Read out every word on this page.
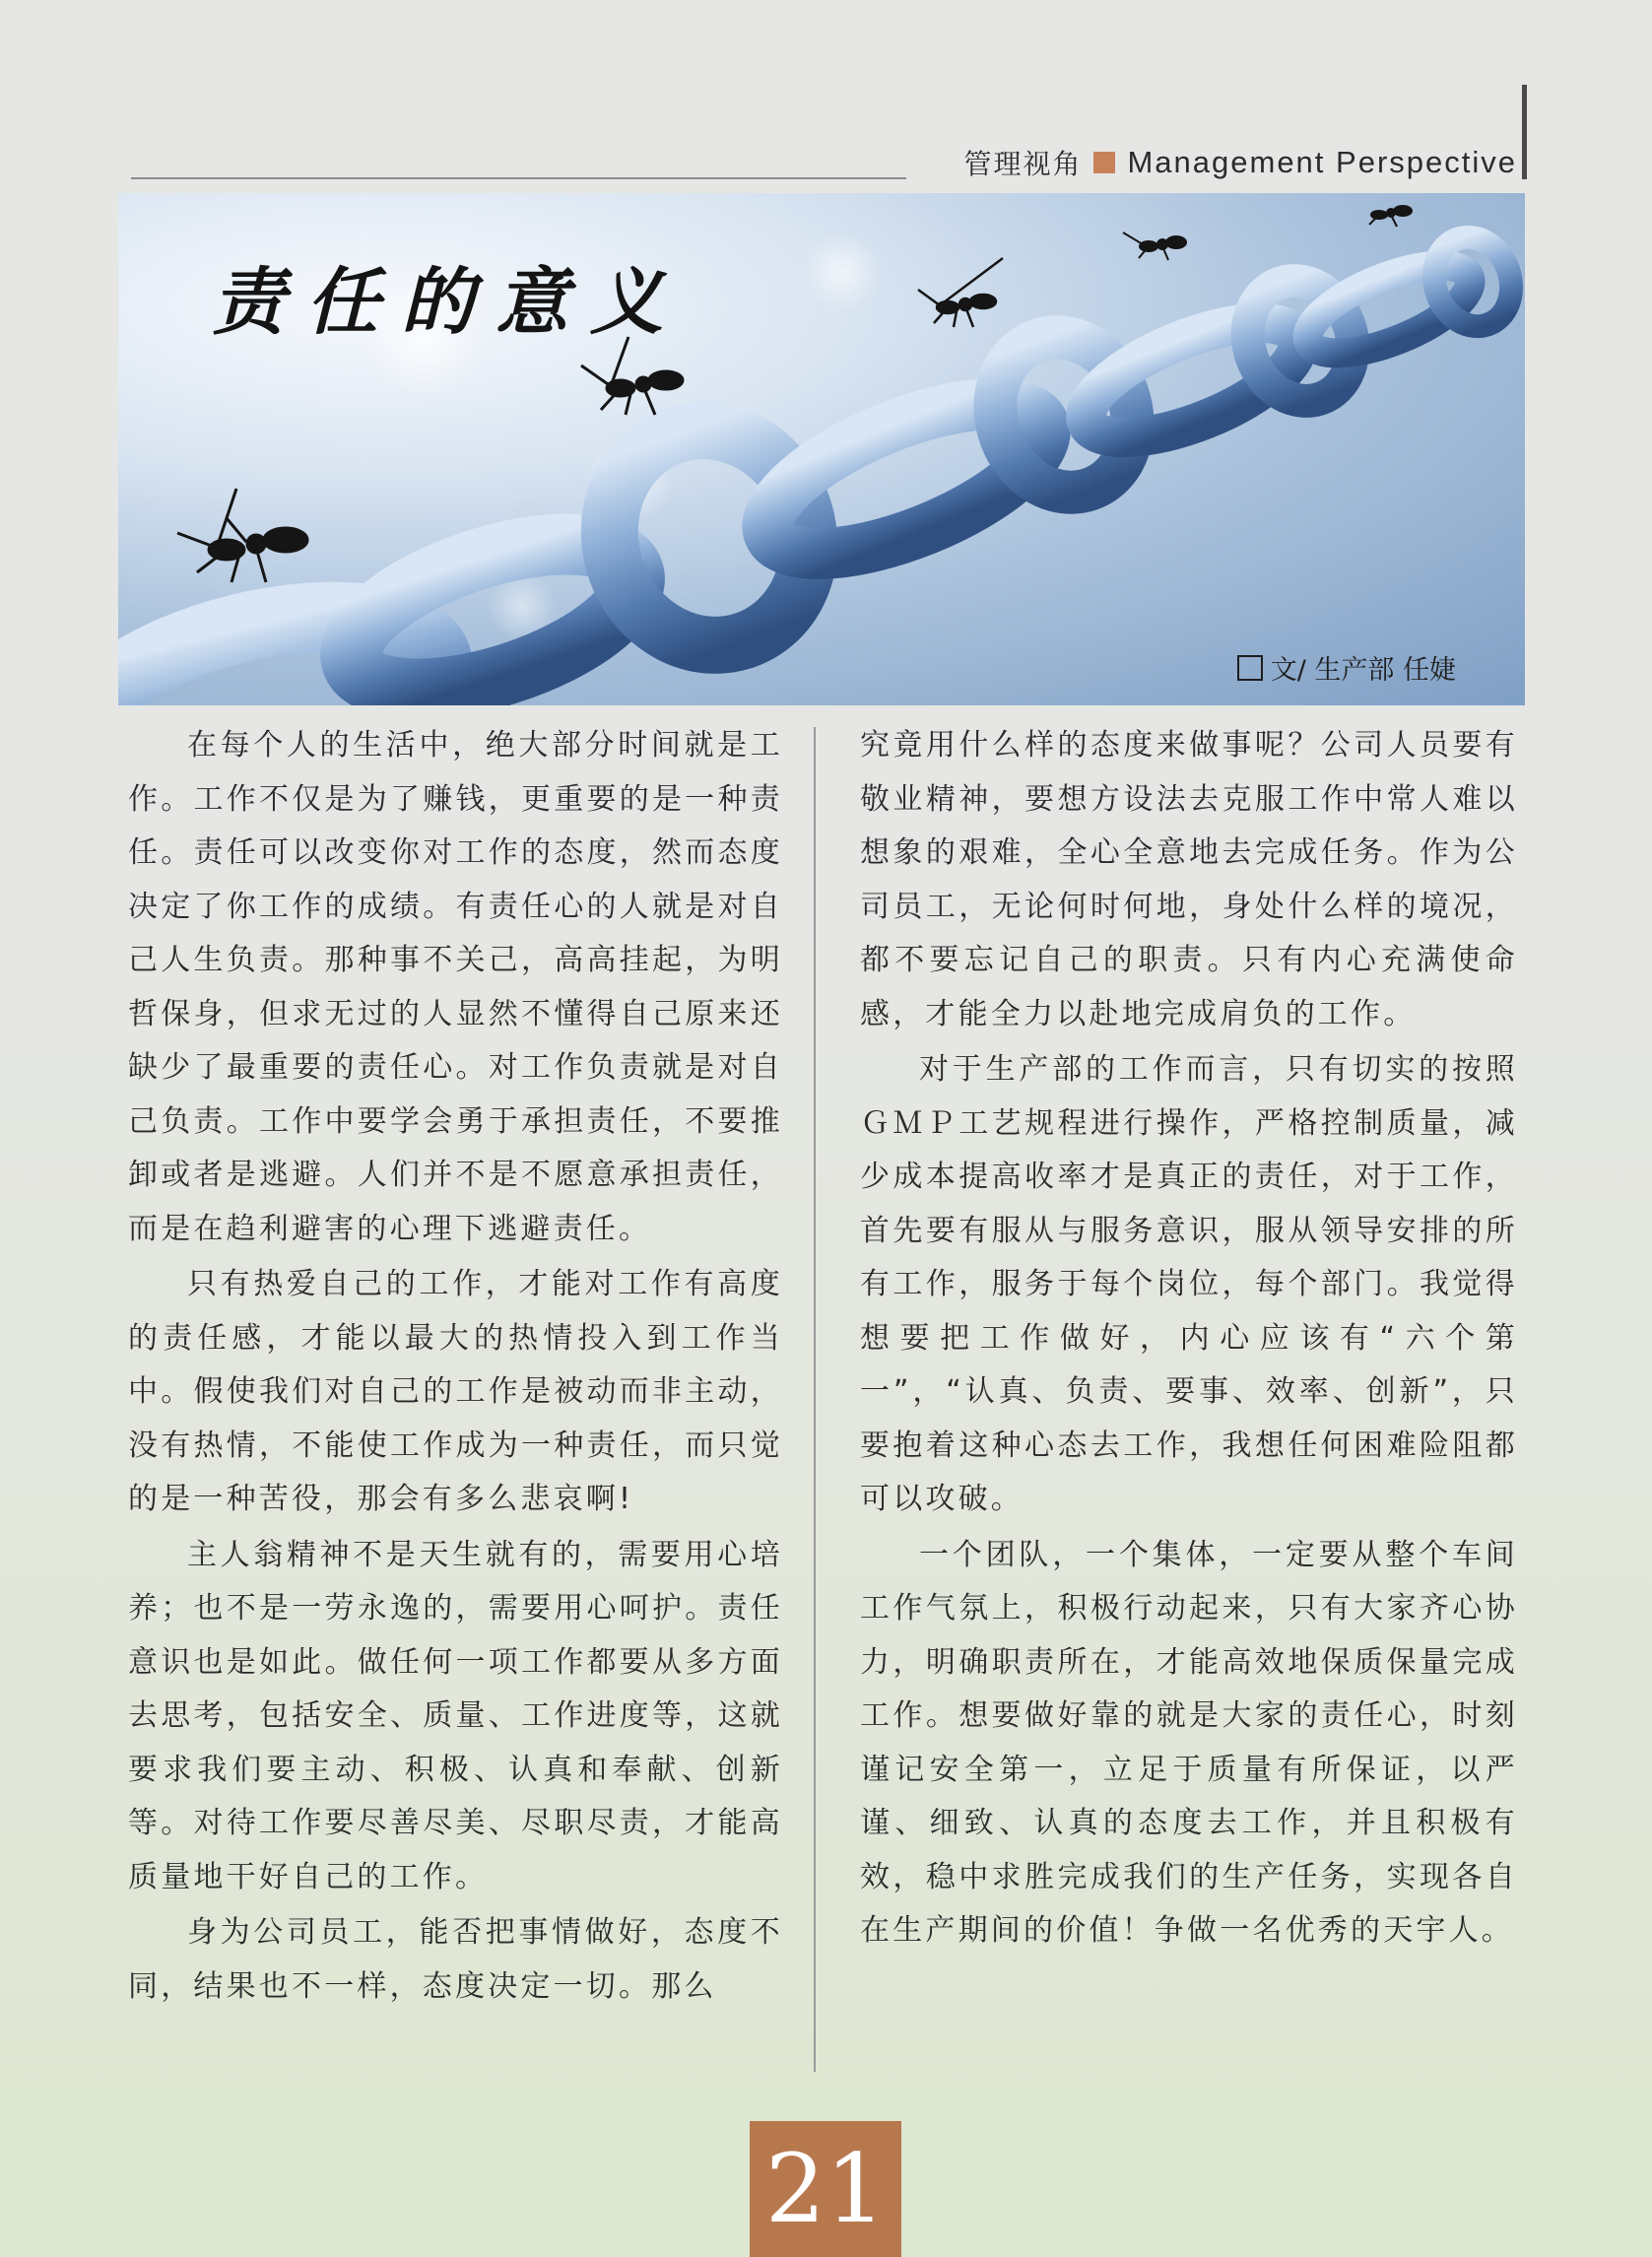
管理视角 Management Perspective
责任的意义
文/ 生产部 任婕

在每个人的生活中，绝大部分时间就是工作。工作不仅是为了赚钱，更重要的是一种责任。责任可以改变你对工作的态度，然而态度决定了你工作的成绩。有责任心的人就是对自己人生负责。那种事不关己，高高挂起，为明哲保身，但求无过的人显然不懂得自己原来还缺少了最重要的责任心。对工作负责就是对自己负责。工作中要学会勇于承担责任，不要推卸或者是逃避。人们并不是不愿意承担责任，而是在趋利避害的心理下逃避责任。

只有热爱自己的工作，才能对工作有高度的责任感，才能以最大的热情投入到工作当中。假使我们对自己的工作是被动而非主动，没有热情，不能使工作成为一种责任，而只觉的是一种苦役，那会有多么悲哀啊!

主人翁精神不是天生就有的，需要用心培养；也不是一劳永逸的，需要用心呵护。责任意识也是如此。做任何一项工作都要从多方面去思考，包括安全、质量、工作进度等，这就要求我们要主动、积极、认真和奉献、创新等。对待工作要尽善尽美、尽职尽责，才能高质量地干好自己的工作。

身为公司员工，能否把事情做好，态度不同，结果也不一样，态度决定一切。那么

究竟用什么样的态度来做事呢？公司人员要有敬业精神，要想方设法去克服工作中常人难以想象的艰难，全心全意地去完成任务。作为公司员工，无论何时何地，身处什么样的境况，都不要忘记自己的职责。只有内心充满使命感，才能全力以赴地完成肩负的工作。

对于生产部的工作而言，只有切实的按照ＧＭＰ工艺规程进行操作，严格控制质量，减少成本提高收率才是真正的责任，对于工作，首先要有服从与服务意识，服从领导安排的所有工作，服务于每个岗位，每个部门。我觉得想要把工作做好，内心应该有“六个第一”，“认真、负责、要事、效率、创新”，只要抱着这种心态去工作，我想任何困难险阻都可以攻破。

一个团队，一个集体，一定要从整个车间工作气氛上，积极行动起来，只有大家齐心协力，明确职责所在，才能高效地保质保量完成工作。想要做好靠的就是大家的责任心，时刻谨记安全第一，立足于质量有所保证，以严谨、细致、认真的态度去工作，并且积极有效，稳中求胜完成我们的生产任务，实现各自在生产期间的价值！争做一名优秀的天宇人。

21
